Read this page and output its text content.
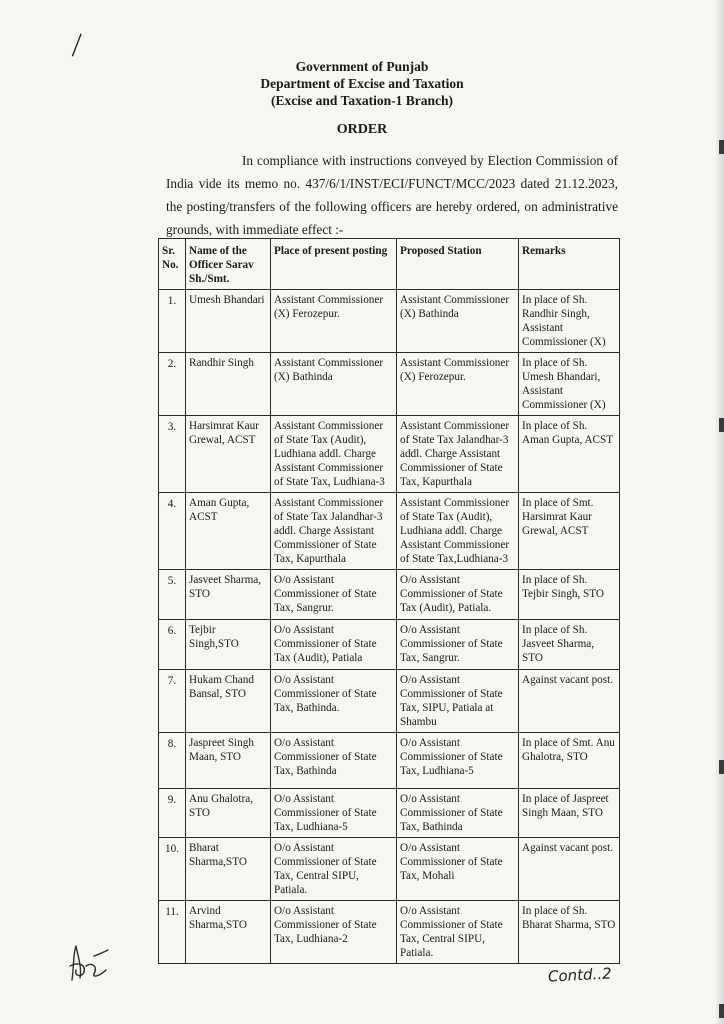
/
Government of Punjab
Department of Excise and Taxation
(Excise and Taxation-1 Branch)
ORDER
In compliance with instructions conveyed by Election Commission of India vide its memo no. 437/6/1/INST/ECI/FUNCT/MCC/2023 dated 21.12.2023, the posting/transfers of the following officers are hereby ordered, on administrative grounds, with immediate effect :-
Sr. No.	Name of the Officer Sarav Sh./Smt.	Place of present posting	Proposed Station	Remarks
1.	Umesh Bhandari	Assistant Commissioner (X) Ferozepur.	Assistant Commissioner (X) Bathinda	In place of Sh. Randhir Singh, Assistant Commissioner (X)
2.	Randhir Singh	Assistant Commissioner (X) Bathinda	Assistant Commissioner (X) Ferozepur.	In place of Sh. Umesh Bhandari, Assistant Commissioner (X)
3.	Harsimrat Kaur Grewal, ACST	Assistant Commissioner of State Tax (Audit), Ludhiana addl. Charge Assistant Commissioner of State Tax, Ludhiana-3	Assistant Commissioner of State Tax Jalandhar-3 addl. Charge Assistant Commissioner of State Tax, Kapurthala	In place of Sh. Aman Gupta, ACST
4.	Aman Gupta, ACST	Assistant Commissioner of State Tax Jalandhar-3 addl. Charge Assistant Commissioner of State Tax, Kapurthala	Assistant Commissioner of State Tax (Audit), Ludhiana addl. Charge Assistant Commissioner of State Tax,Ludhiana-3	In place of Smt. Harsimrat Kaur Grewal, ACST
5.	Jasveet Sharma, STO	O/o Assistant Commissioner of State Tax, Sangrur.	O/o Assistant Commissioner of State Tax (Audit), Patiala.	In place of Sh. Tejbir Singh, STO
6.	Tejbir Singh,STO	O/o Assistant Commissioner of State Tax (Audit), Patiala	O/o Assistant Commissioner of State Tax, Sangrur.	In place of Sh. Jasveet Sharma, STO
7.	Hukam Chand Bansal, STO	O/o Assistant Commissioner of State Tax, Bathinda.	O/o Assistant Commissioner of State Tax, SIPU, Patiala at Shambu	Against vacant post.
8.	Jaspreet Singh Maan, STO	O/o Assistant Commissioner of State Tax, Bathinda	O/o Assistant Commissioner of State Tax, Ludhiana-5	In place of Smt. Anu Ghalotra, STO
9.	Anu Ghalotra, STO	O/o Assistant Commissioner of State Tax, Ludhiana-5	O/o Assistant Commissioner of State Tax, Bathinda	In place of Jaspreet Singh Maan, STO
10.	Bharat Sharma,STO	O/o Assistant Commissioner of State Tax, Central SIPU, Patiala.	O/o Assistant Commissioner of State Tax, Mohali	Against vacant post.
11.	Arvind Sharma,STO	O/o Assistant Commissioner of State Tax, Ludhiana-2	O/o Assistant Commissioner of State Tax, Central SIPU, Patiala.	In place of Sh. Bharat Sharma, STO
Contd..2
